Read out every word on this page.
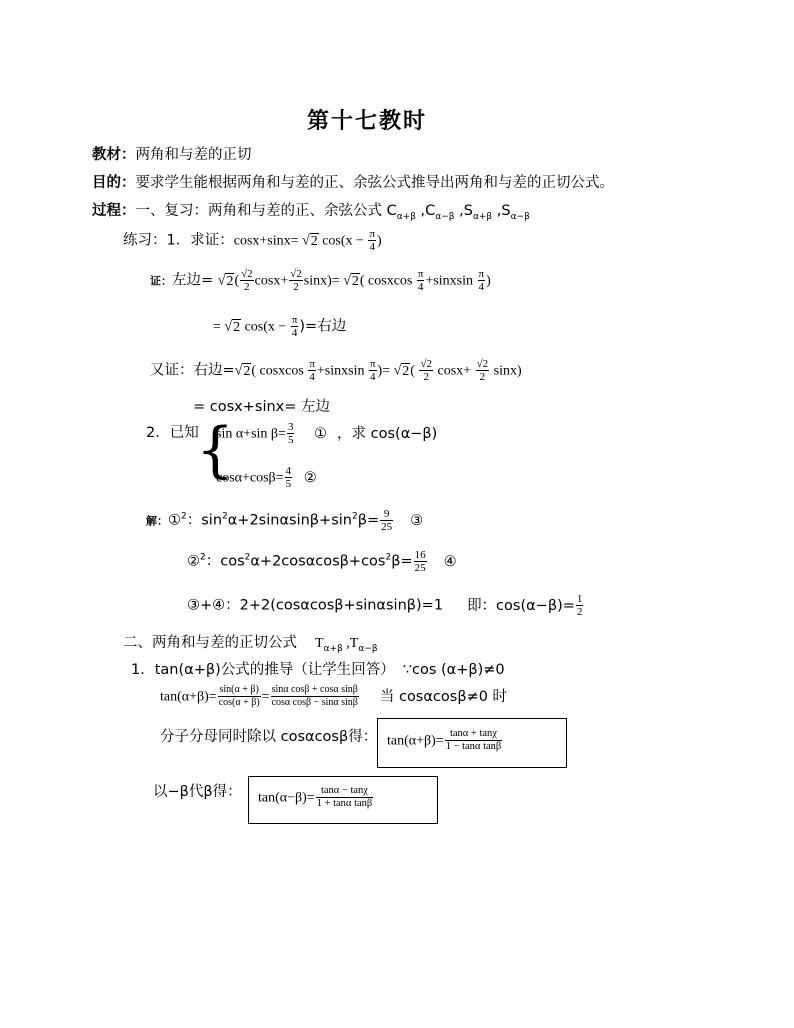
第十七教时
教材：两角和与差的正切
目的：要求学生能根据两角和与差的正、余弦公式推导出两角和与差的正切公式。
过程：一、复习：两角和与差的正、余弦公式 $C_{\alpha+\beta}$ $,C_{\alpha-\beta}$ $,S_{\alpha+\beta}$ $,S_{\alpha-\beta}$
练习：1．求证：cosx+sinx= √2 $\cos(x - \frac{\pi}{4}$ )
证：左边= $√2( \frac{√2}{2} \cos x+ \frac{√2}{2} \sin x)= √2$( cosxcos $\frac{\pi}{4}$ +sinxsin $\frac{\pi}{4}$ )
= √2 $\cos(x - \frac{\pi}{4}$ )=右边
又证：右边=√2( cosxcos $\frac{\pi}{4}$ +sinxsin $\frac{\pi}{4}$ )= $√2( \frac{√2}{2} \cos x+ \frac{√2}{2} \sin x)$
= cosx+sinx= 左边
2．已知
{
sin α+sin $\beta= \frac{3}{5}$ ① ，求 cos(α−β)
$\cos\alpha+\cos\beta= \frac{4}{5}$ ②
解：①$^2$：$\sin^2\alpha+2\sin\alpha\sin\beta+\sin^2\beta= \frac{9}{25}$ ③
②$^2$：$\cos^2\alpha+2\cos\alpha\cos\beta+\cos^2\beta= \frac{16}{25}$ ④
③+④：2+2(cosαcosβ+sinαsinβ)=1 即：$\cos(\alpha-\beta)= \frac{1}{2}$
二、两角和与差的正切公式 $T_{\alpha+\beta}$ $,T_{\alpha-\beta}$
1．tan(α+β)公式的推导（让学生回答） ∵cos (α+β)≠0
$\tan(\alpha+\beta)= \frac{\sin(\alpha + \beta)}{\cos(\alpha + \beta)} = \frac{\text{sinα cosβ + cosα sinβ}}{\text{cosα cosβ − sinα sinβ}}$ 当 cosαcosβ≠0 时
分子分母同时除以 cosαcosβ得： $\tan(\alpha+\beta)= \frac{\tan\alpha + \tan\chi}{\text{1 − tanα tanβ}}$
以−β代β得： $\tan(\alpha-\beta)= \frac{\tan\alpha - \tan\chi}{\text{1 + tanα tanβ}}$
